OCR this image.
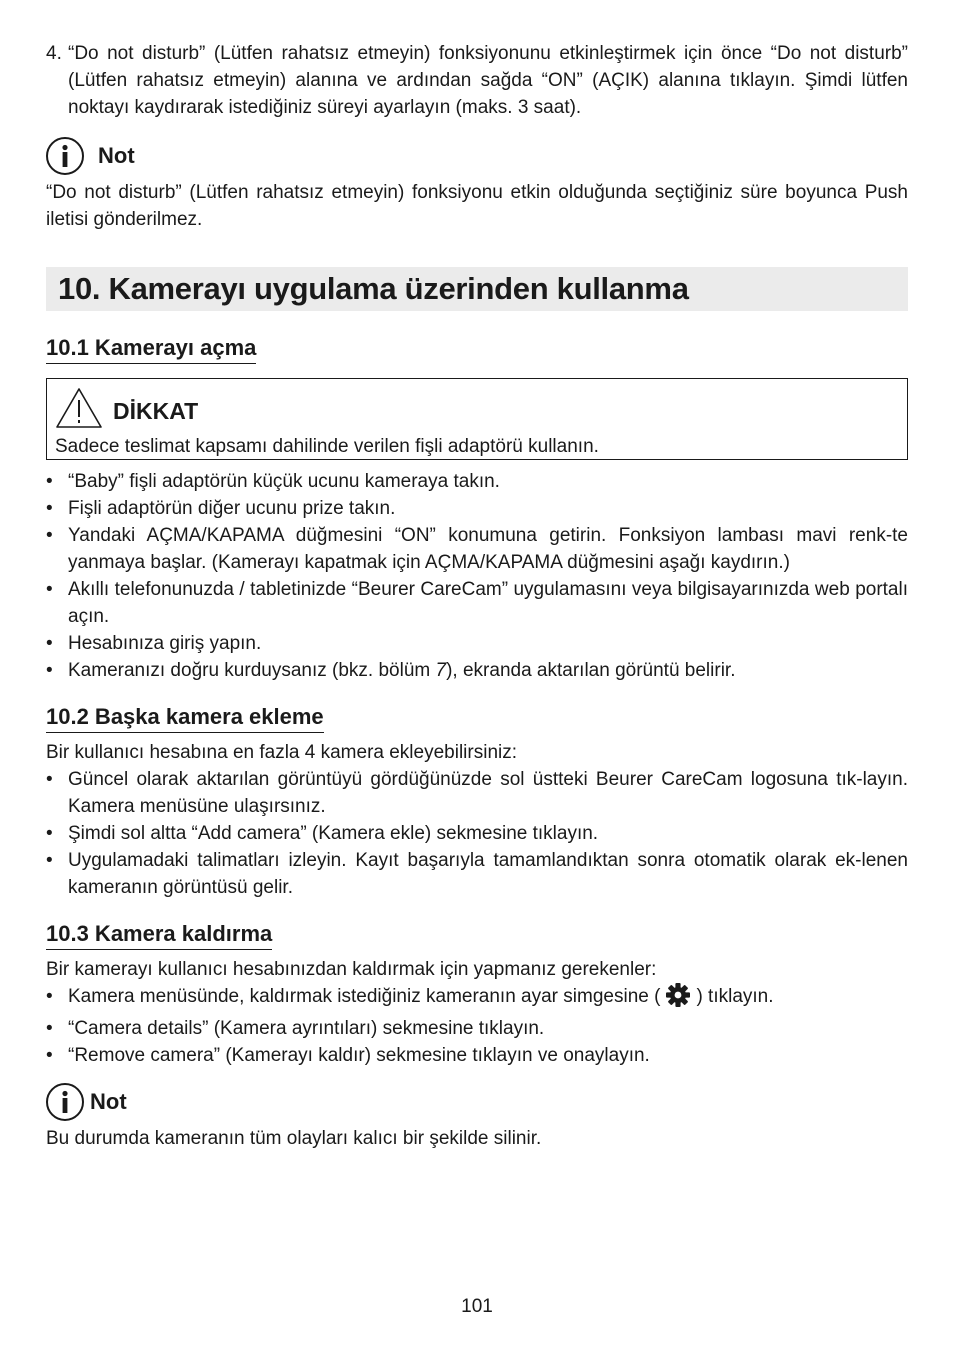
4. “Do not disturb” (Lütfen rahatsız etmeyin) fonksiyonunu etkinleştirmek için önce “Do not disturb” (Lütfen rahatsız etmeyin) alanına ve ardından sağda “ON” (AÇIK) alanına tıklayın. Şimdi lütfen noktayı kaydırarak istediğiniz süreyi ayarlayın (maks. 3 saat).
Not

“Do not disturb” (Lütfen rahatsız etmeyin) fonksiyonu etkin olduğunda seçtiğiniz süre boyunca Push iletisi gönderilmez.

10. Kamerayı uygulama üzerinden kullanma
10.1 Kamerayı açma
DİKKAT

Sadece teslimat kapsamı dahilinde verilen fişli adaptörü kullanın.

• “Baby” fişli adaptörün küçük ucunu kameraya takın.
• Fişli adaptörün diğer ucunu prize takın.
• Yandaki AÇMA/KAPAMA düğmesini “ON” konumuna getirin. Fonksiyon lambası mavi renk-te yanmaya başlar. (Kamerayı kapatmak için AÇMA/KAPAMA düğmesini aşağı kaydırın.)
• Akıllı telefonunuzda / tabletinizde “Beurer CareCam” uygulamasını veya bilgisayarınızda web portalı açın.
• Hesabınıza giriş yapın.
• Kameranızı doğru kurduysanız (bkz. bölüm 7), ekranda aktarılan görüntü belirir.
10.2 Başka kamera ekleme

Bir kullanıcı hesabına en fazla 4 kamera ekleyebilirsiniz:

• Güncel olarak aktarılan görüntüyü gördüğünüzde sol üstteki Beurer CareCam logosuna tık-layın. Kamera menüsüne ulaşırsınız.
• Şimdi sol altta “Add camera” (Kamera ekle) sekmesine tıklayın.
• Uygulamadaki talimatları izleyin. Kayıt başarıyla tamamlandıktan sonra otomatik olarak ek-lenen kameranın görüntüsü gelir.
10.3 Kamera kaldırma

Bir kamerayı kullanıcı hesabınızdan kaldırmak için yapmanız gerekenler:

• Kamera menüsünde, kaldırmak istediğiniz kameranın ayar simgesine ( ) tıklayın.
• “Camera details” (Kamera ayrıntıları) sekmesine tıklayın.
• “Remove camera” (Kamerayı kaldır) sekmesine tıklayın ve onaylayın.
Not

Bu durumda kameranın tüm olayları kalıcı bir şekilde silinir.

101
